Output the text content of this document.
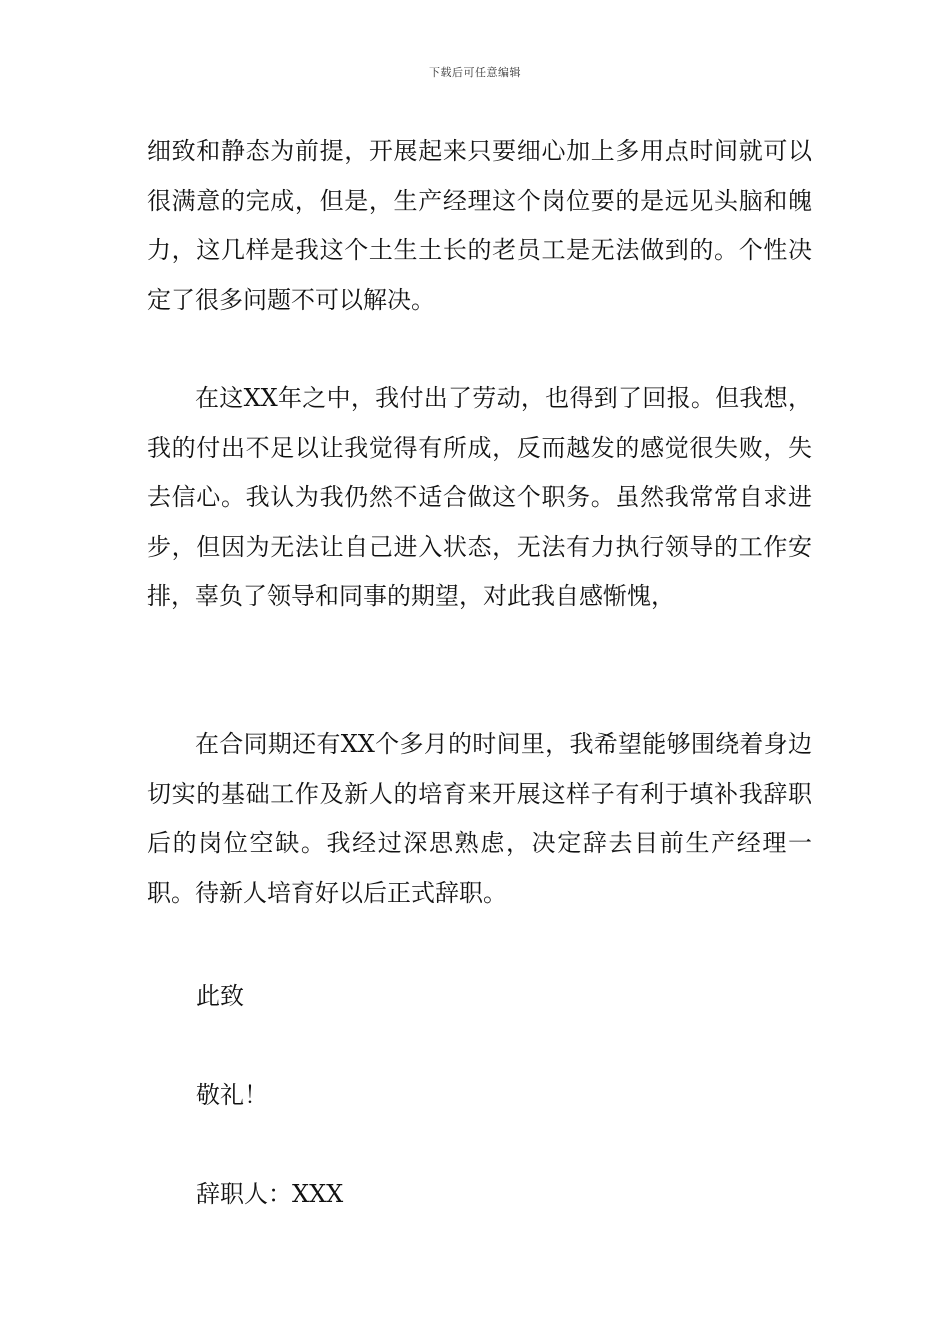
下载后可任意编辑

细致和静态为前提，开展起来只要细心加上多用点时间就可以很满意的完成，但是，生产经理这个岗位要的是远见头脑和魄力，这几样是我这个土生土长的老员工是无法做到的。个性决定了很多问题不可以解决。

在这XX年之中，我付出了劳动，也得到了回报。但我想，我的付出不足以让我觉得有所成，反而越发的感觉很失败，失去信心。我认为我仍然不适合做这个职务。虽然我常常自求进步，但因为无法让自己进入状态，无法有力执行领导的工作安排，辜负了领导和同事的期望，对此我自感惭愧，

在合同期还有XX个多月的时间里，我希望能够围绕着身边切实的基础工作及新人的培育来开展这样子有利于填补我辞职后的岗位空缺。我经过深思熟虑，决定辞去目前生产经理一职。待新人培育好以后正式辞职。

此致
敬礼！
辞职人：XXX
